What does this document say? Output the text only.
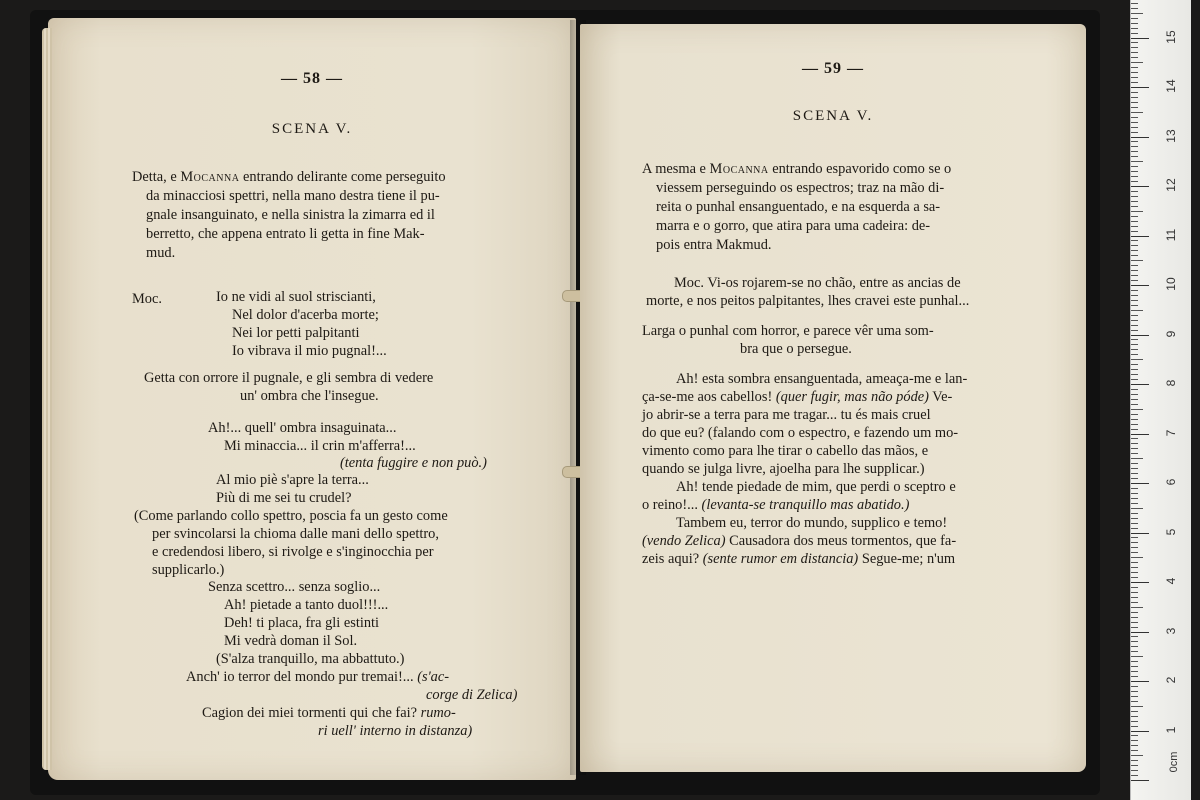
— 58 —
SCENA V.
Detta, e Mocanna entrando delirante come perseguito
da minacciosi spettri, nella mano destra tiene il pu-
gnale insanguinato, e nella sinistra la zimarra ed il
berretto, che appena entrato li getta in fine Mak-
mud.
Moc.	Io ne vidi al suol striscianti,
Nel dolor d'acerba morte;
Nei lor petti palpitanti
Io vibrava il mio pugnal!...
Getta con orrore il pugnale, e gli sembra di vedere
un' ombra che l'insegue.
Ah!... quell' ombra insaguinata...
Mi minaccia... il crin m'afferra!...
(tenta fuggire e non può.)
Al mio piè s'apre la terra...
Più di me sei tu crudel?
(Come parlando collo spettro, poscia fa un gesto come
per svincolarsi la chioma dalle mani dello spettro,
e credendosi libero, si rivolge e s'inginocchia per
supplicarlo.)
Senza scettro... senza soglio...
Ah! pietade a tanto duol!!!...
Deh! ti placa, fra gli estinti
Mi vedrà doman il Sol.
(S'alza tranquillo, ma abbattuto.)
Anch' io terror del mondo pur tremai!... (s'ac-
corge di Zelica)
Cagion dei miei tormenti qui che fai? rumo-
ri uell' interno in distanza)
— 59 —
SCENA V.
A mesma e Mocanna entrando espavorido como se o
viessem perseguindo os espectros; traz na mão di-
reita o punhal ensanguentado, e na esquerda a sa-
marra e o gorro, que atira para uma cadeira: de-
pois entra Makmud.
Moc. Vi-os rojarem-se no chão, entre as ancias de
morte, e nos peitos palpitantes, lhes cravei este punhal...
Larga o punhal com horror, e parece vêr uma som-
bra que o persegue.
Ah! esta sombra ensanguentada, ameaça-me e lan-
ça-se-me aos cabellos! (quer fugir, mas não póde) Ve-
jo abrir-se a terra para me tragar... tu és mais cruel
do que eu? (falando com o espectro, e fazendo um mo-
vimento como para lhe tirar o cabello das mãos, e
quando se julga livre, ajoelha para lhe supplicar.)
Ah! tende piedade de mim, que perdi o sceptro e
o reino!... (levanta-se tranquillo mas abatido.)
Tambem eu, terror do mundo, supplico e temo!
(vendo Zelica) Causadora dos meus tormentos, que fa-
zeis aqui? (sente rumor em distancia) Segue-me; n'um
0cm
1
2
3
4
5
6
7
8
9
10
11
12
13
14
15
